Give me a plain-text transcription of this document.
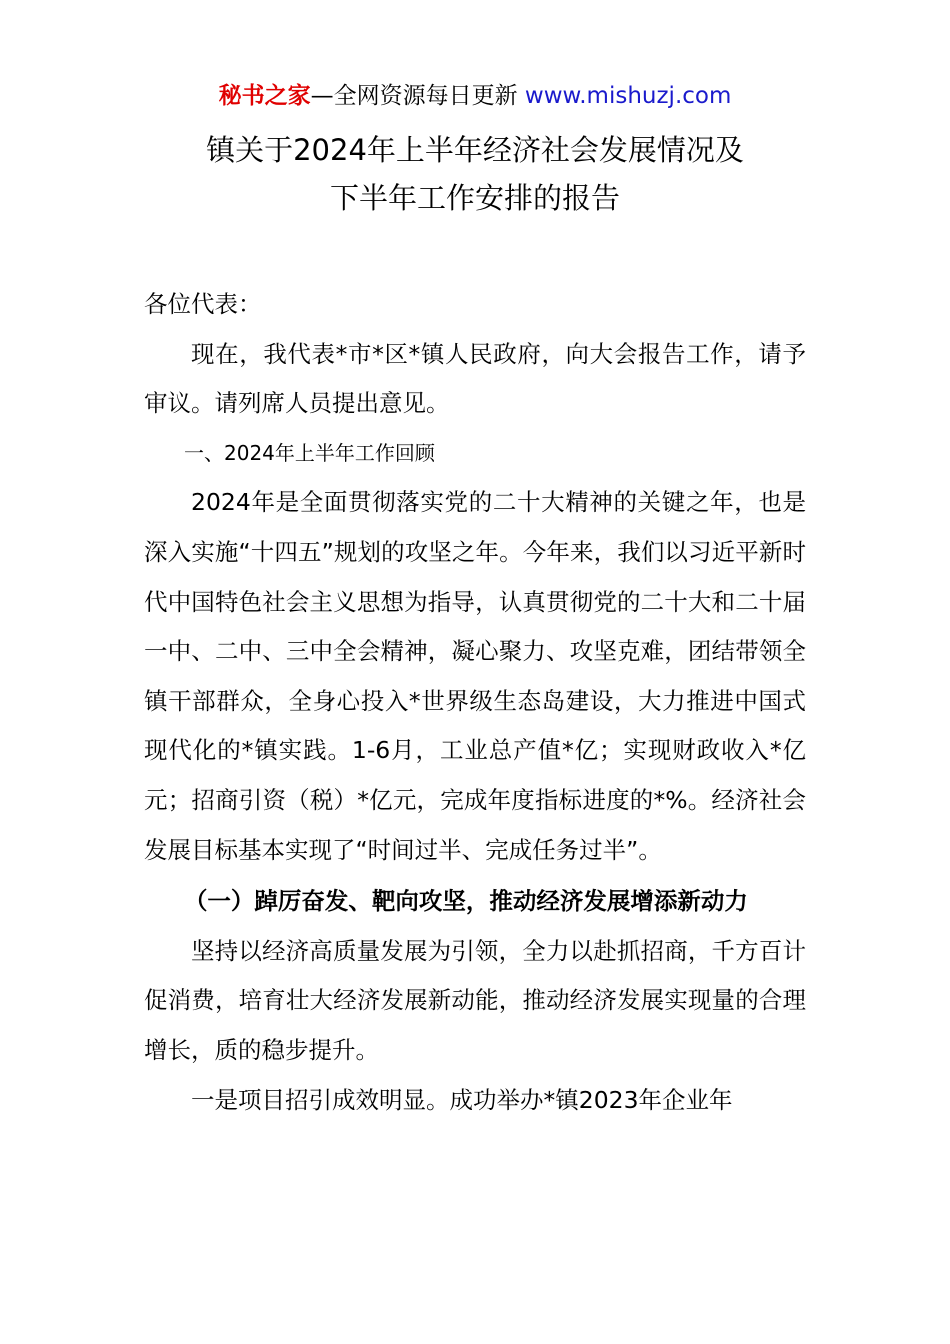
秘书之家—全网资源每日更新 www.mishuzj.com
镇关于2024年上半年经济社会发展情况及
下半年工作安排的报告

各位代表：

现在，我代表*市*区*镇人民政府，向大会报告工作，请予审议。请列席人员提出意见。

一、2024年上半年工作回顾

2024年是全面贯彻落实党的二十大精神的关键之年，也是深入实施“十四五”规划的攻坚之年。今年来，我们以习近平新时代中国特色社会主义思想为指导，认真贯彻党的二十大和二十届一中、二中、三中全会精神，凝心聚力、攻坚克难，团结带领全镇干部群众，全身心投入*世界级生态岛建设，大力推进中国式现代化的*镇实践。1-6月，工业总产值*亿；实现财政收入*亿元；招商引资（税）*亿元，完成年度指标进度的*%。经济社会发展目标基本实现了“时间过半、完成任务过半”。

（一）踔厉奋发、靶向攻坚，推动经济发展增添新动力

坚持以经济高质量发展为引领，全力以赴抓招商，千方百计促消费，培育壮大经济发展新动能，推动经济发展实现量的合理增长，质的稳步提升。

一是项目招引成效明显。成功举办*镇2023年企业年
